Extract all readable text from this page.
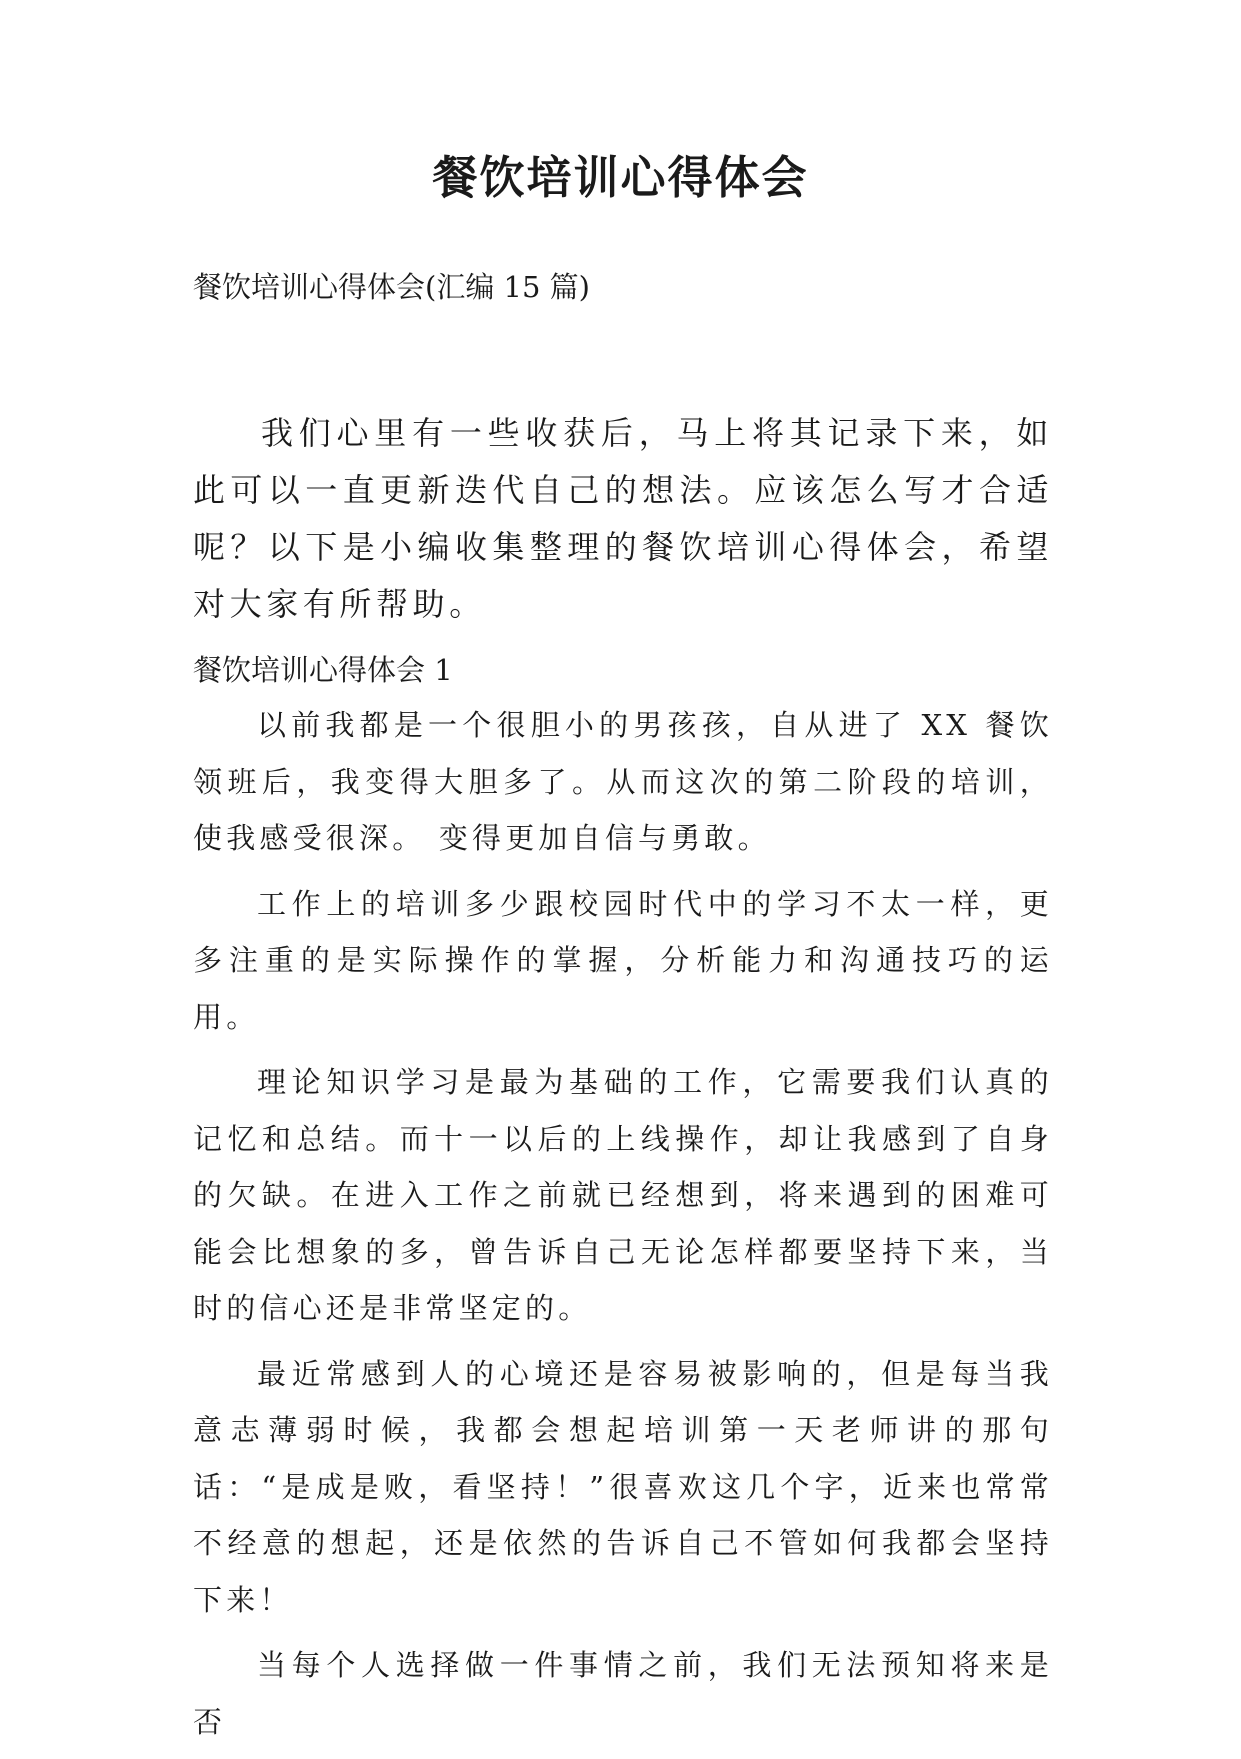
餐饮培训心得体会

餐饮培训心得体会(汇编 15 篇)

我们心里有一些收获后，马上将其记录下来，如此可以一直更新迭代自己的想法。应该怎么写才合适呢？以下是小编收集整理的餐饮培训心得体会，希望对大家有所帮助。

餐饮培训心得体会 1

以前我都是一个很胆小的男孩孩，自从进了 XX 餐饮领班后，我变得大胆多了。从而这次的第二阶段的培训，使我感受很深。 变得更加自信与勇敢。

工作上的培训多少跟校园时代中的学习不太一样，更多注重的是实际操作的掌握，分析能力和沟通技巧的运用。

理论知识学习是最为基础的工作，它需要我们认真的记忆和总结。而十一以后的上线操作，却让我感到了自身的欠缺。在进入工作之前就已经想到，将来遇到的困难可能会比想象的多，曾告诉自己无论怎样都要坚持下来，当时的信心还是非常坚定的。

最近常感到人的心境还是容易被影响的，但是每当我意志薄弱时候，我都会想起培训第一天老师讲的那句话：“是成是败，看坚持！”很喜欢这几个字，近来也常常不经意的想起，还是依然的告诉自己不管如何我都会坚持下来！

当每个人选择做一件事情之前，我们无法预知将来是否
